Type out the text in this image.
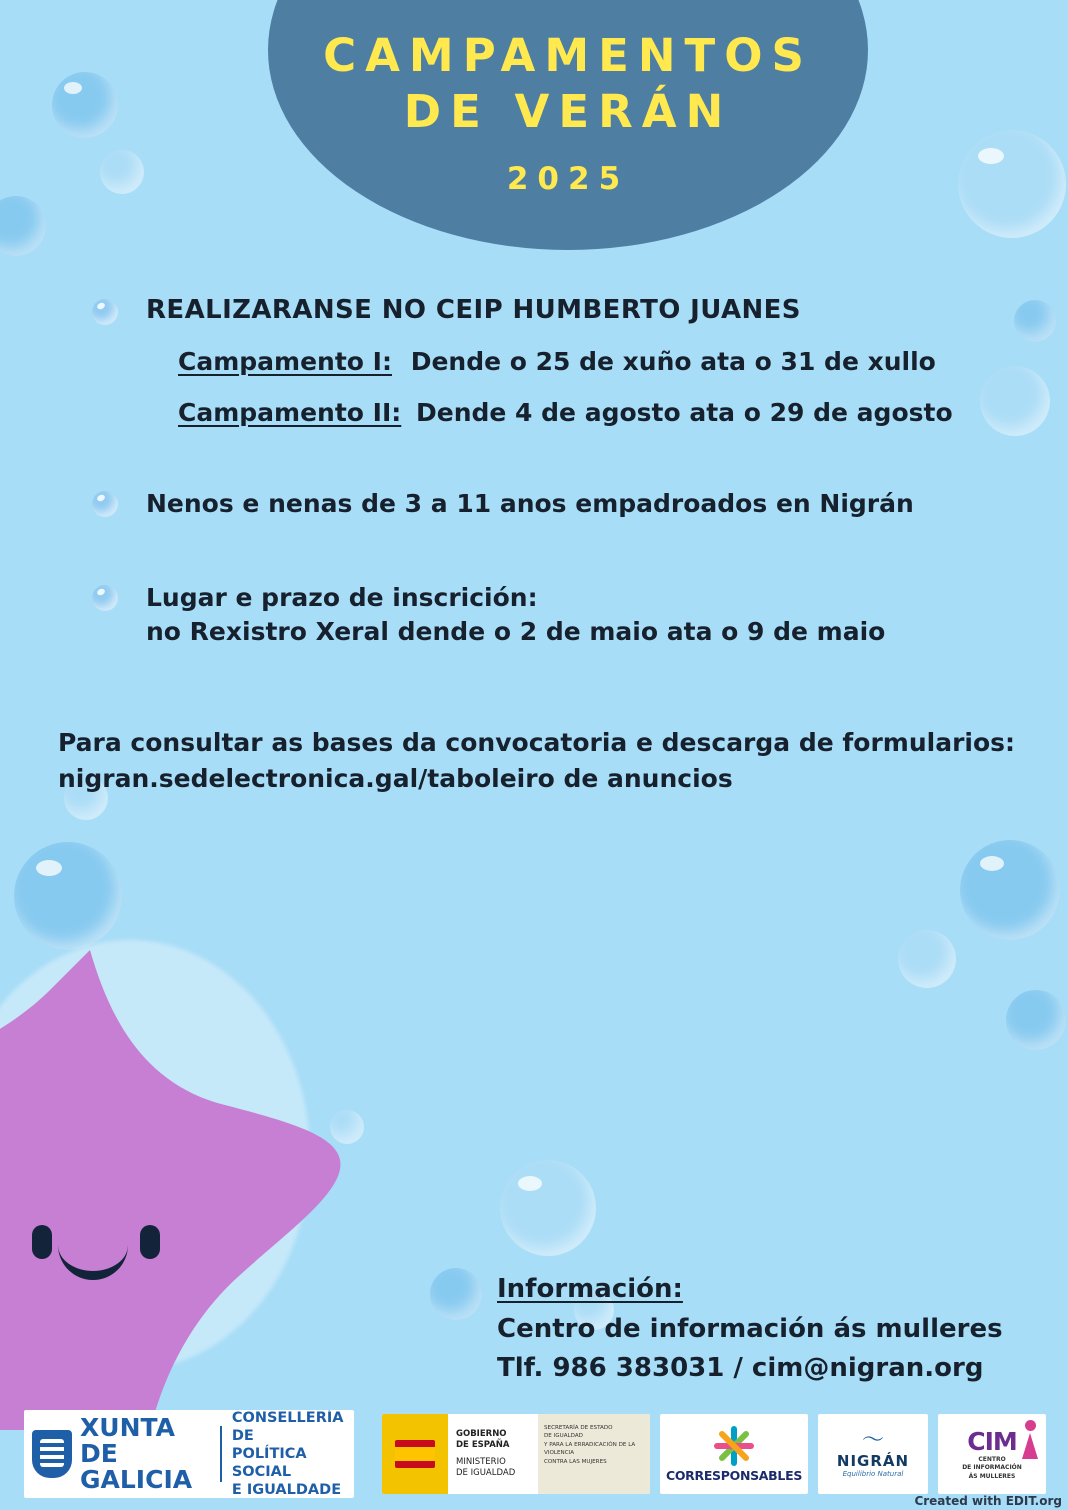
CAMPAMENTOS
DE VERÁN
2025
REALIZARANSE NO CEIP HUMBERTO JUANES
Campamento I: Dende o 25 de xuño ata o 31 de xullo
Campamento II: Dende 4 de agosto ata o 29 de agosto
Nenos e nenas de 3 a 11 anos empadroados en Nigrán
Lugar e prazo de inscrición:
no Rexistro Xeral dende o 2 de maio ata o 9 de maio
Para consultar as bases da convocatoria e descarga de formularios:
nigran.sedelectronica.gal/taboleiro de anuncios
Información:
Centro de información ás mulleres
Tlf. 986 383031 / cim@nigran.org
XUNTA
DE GALICIA
CONSELLERÍA DE
POLÍTICA SOCIAL
E IGUALDADE
GOBIERNO
DE ESPAÑA
MINISTERIO
DE IGUALDAD
SECRETARÍA DE ESTADO
DE IGUALDAD
Y PARA LA ERRADICACIÓN DE LA VIOLENCIA
CONTRA LAS MUJERES
CORRESPONSABLES
〜
NIGRÁN
Equilibrio Natural
CIM
CENTRO
DE INFORMACIÓN
ÁS MULLERES
Created with EDIT.org
